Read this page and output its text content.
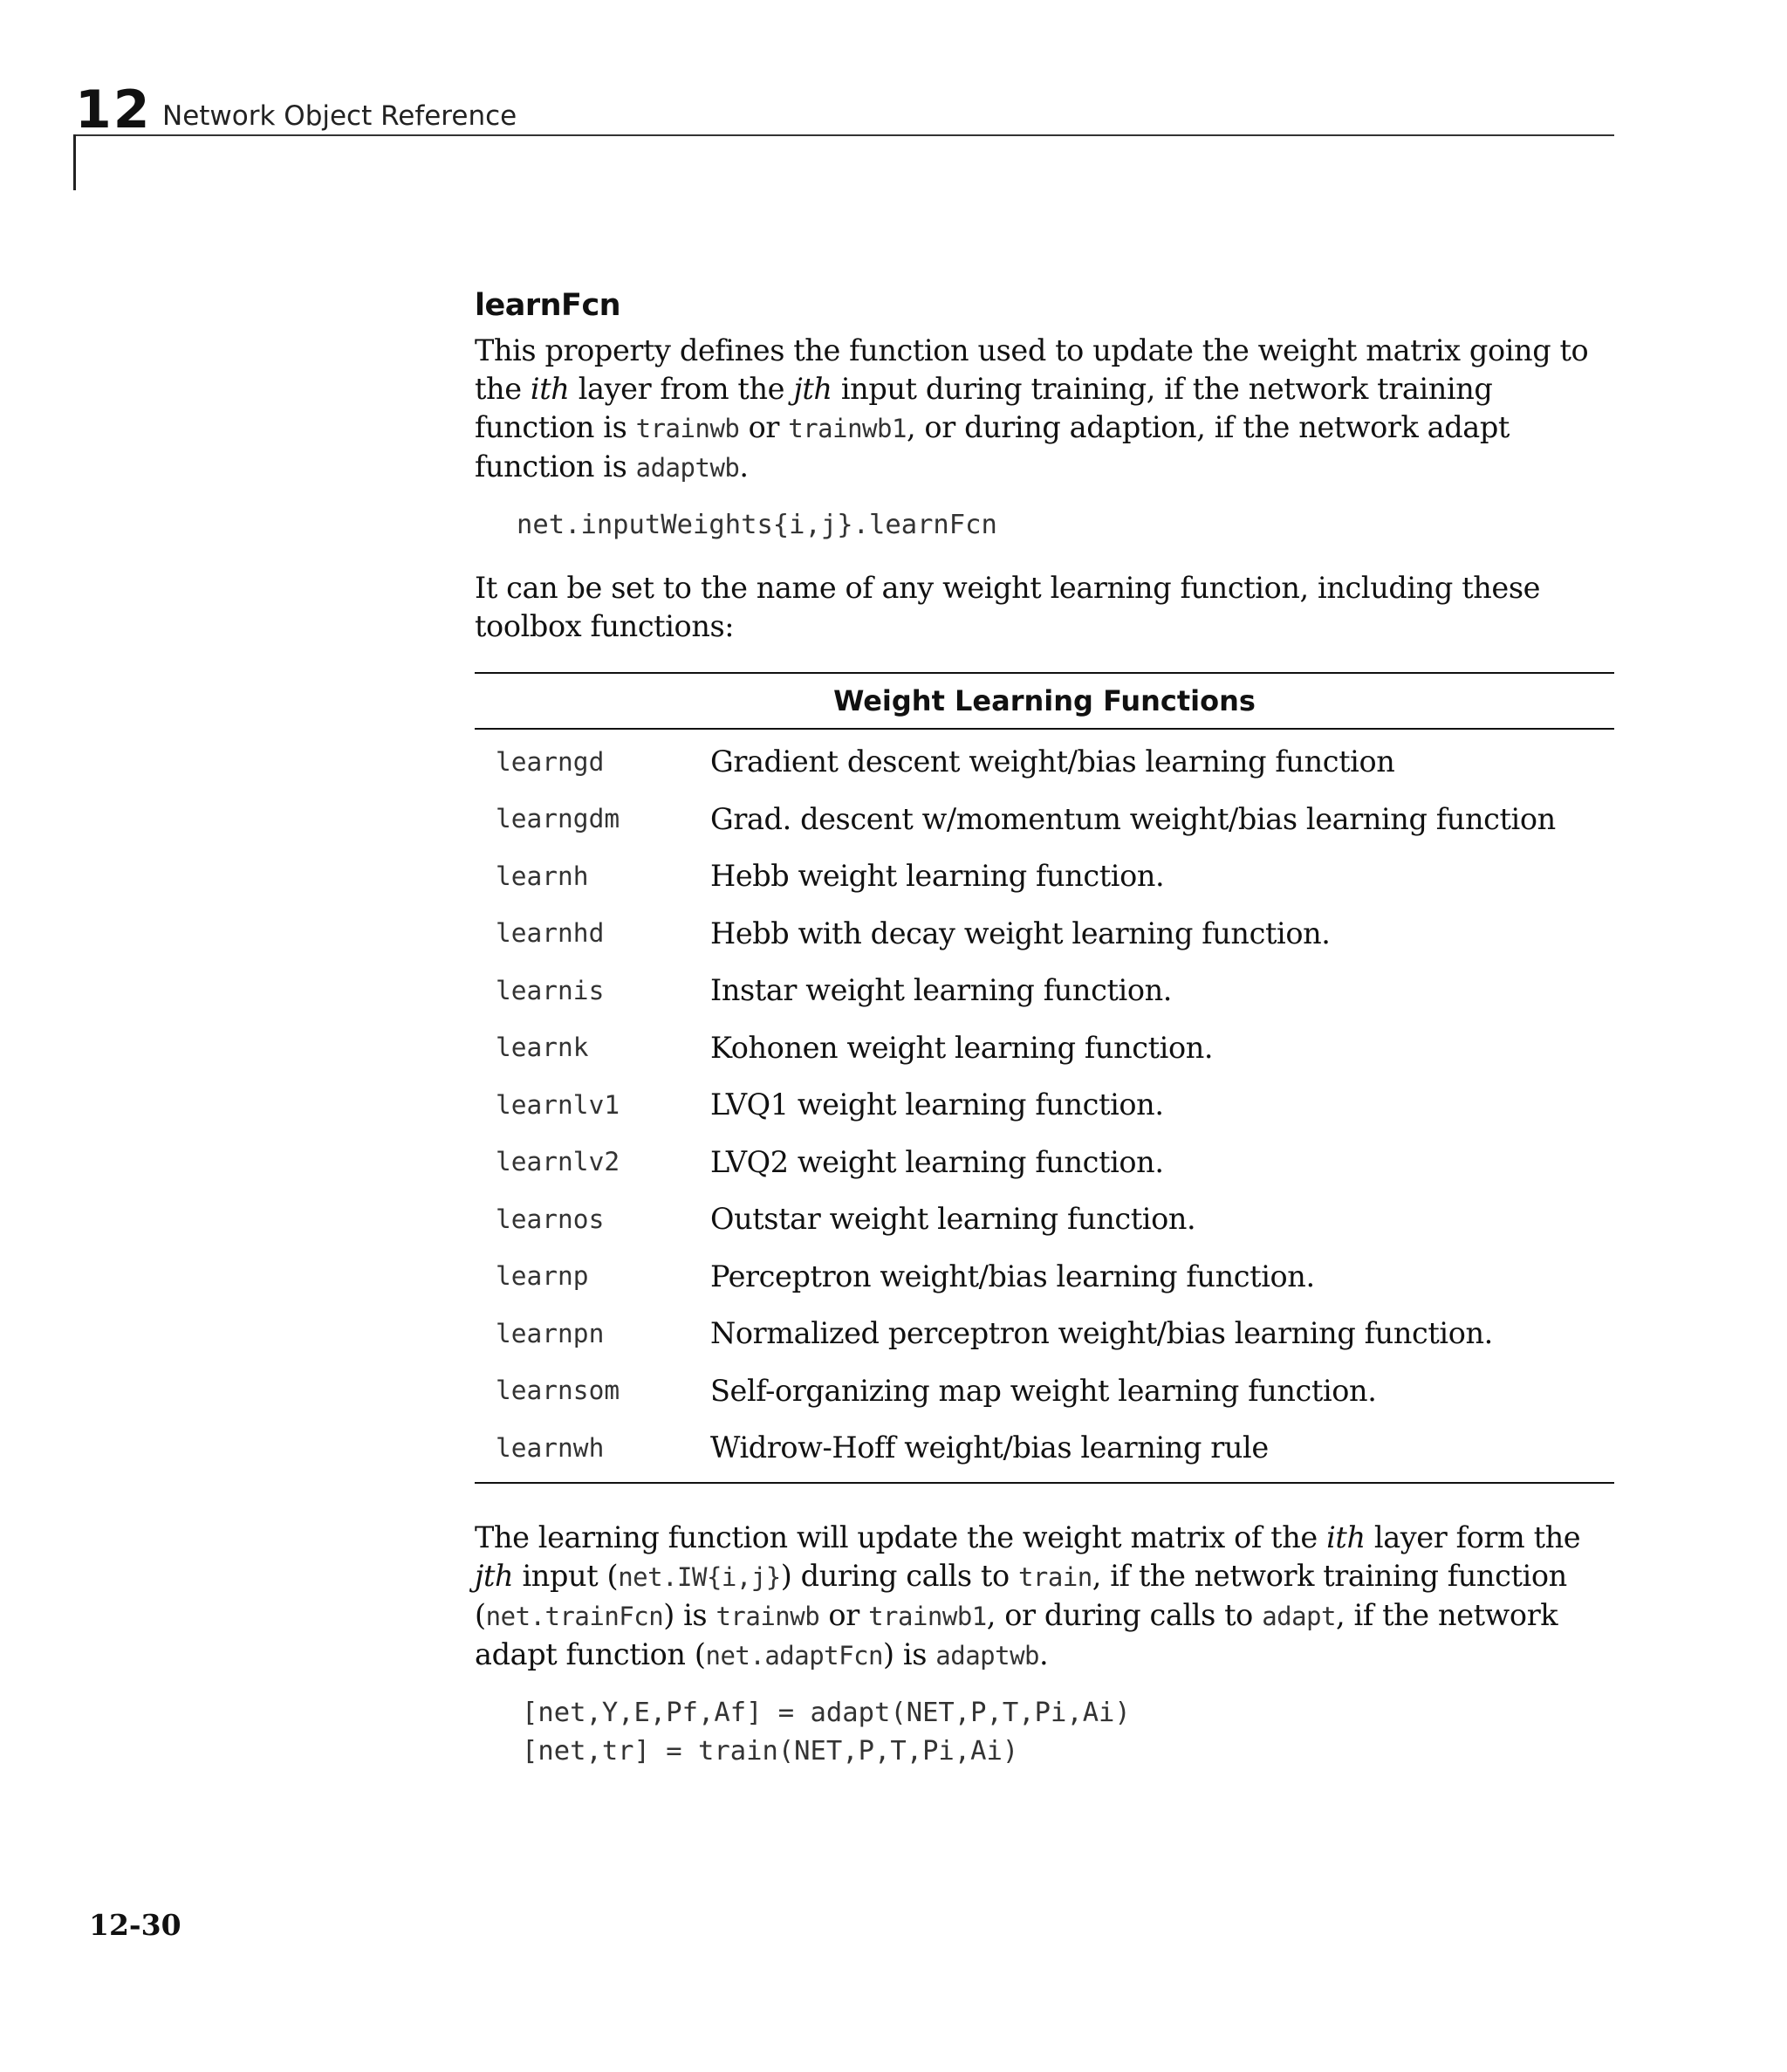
12 Network Object Reference
learnFcn

This property defines the function used to update the weight matrix going to the ith layer from the jth input during training, if the network training function is trainwb or trainwb1, or during adaption, if the network adapt function is adaptwb.

net.inputWeights{i,j}.learnFcn

It can be set to the name of any weight learning function, including these toolbox functions:

Weight Learning Functions
learngd	Gradient descent weight/bias learning function
learngdm	Grad. descent w/momentum weight/bias learning function
learnh	Hebb weight learning function.
learnhd	Hebb with decay weight learning function.
learnis	Instar weight learning function.
learnk	Kohonen weight learning function.
learnlv1	LVQ1 weight learning function.
learnlv2	LVQ2 weight learning function.
learnos	Outstar weight learning function.
learnp	Perceptron weight/bias learning function.
learnpn	Normalized perceptron weight/bias learning function.
learnsom	Self-organizing map weight learning function.
learnwh	Widrow-Hoff weight/bias learning rule

The learning function will update the weight matrix of the ith layer form the jth input (net.IW{i,j}) during calls to train, if the network training function (net.trainFcn) is trainwb or trainwb1, or during calls to adapt, if the network adapt function (net.adaptFcn) is adaptwb.

[net,Y,E,Pf,Af] = adapt(NET,P,T,Pi,Ai)

[net,tr] = train(NET,P,T,Pi,Ai)

12-30
